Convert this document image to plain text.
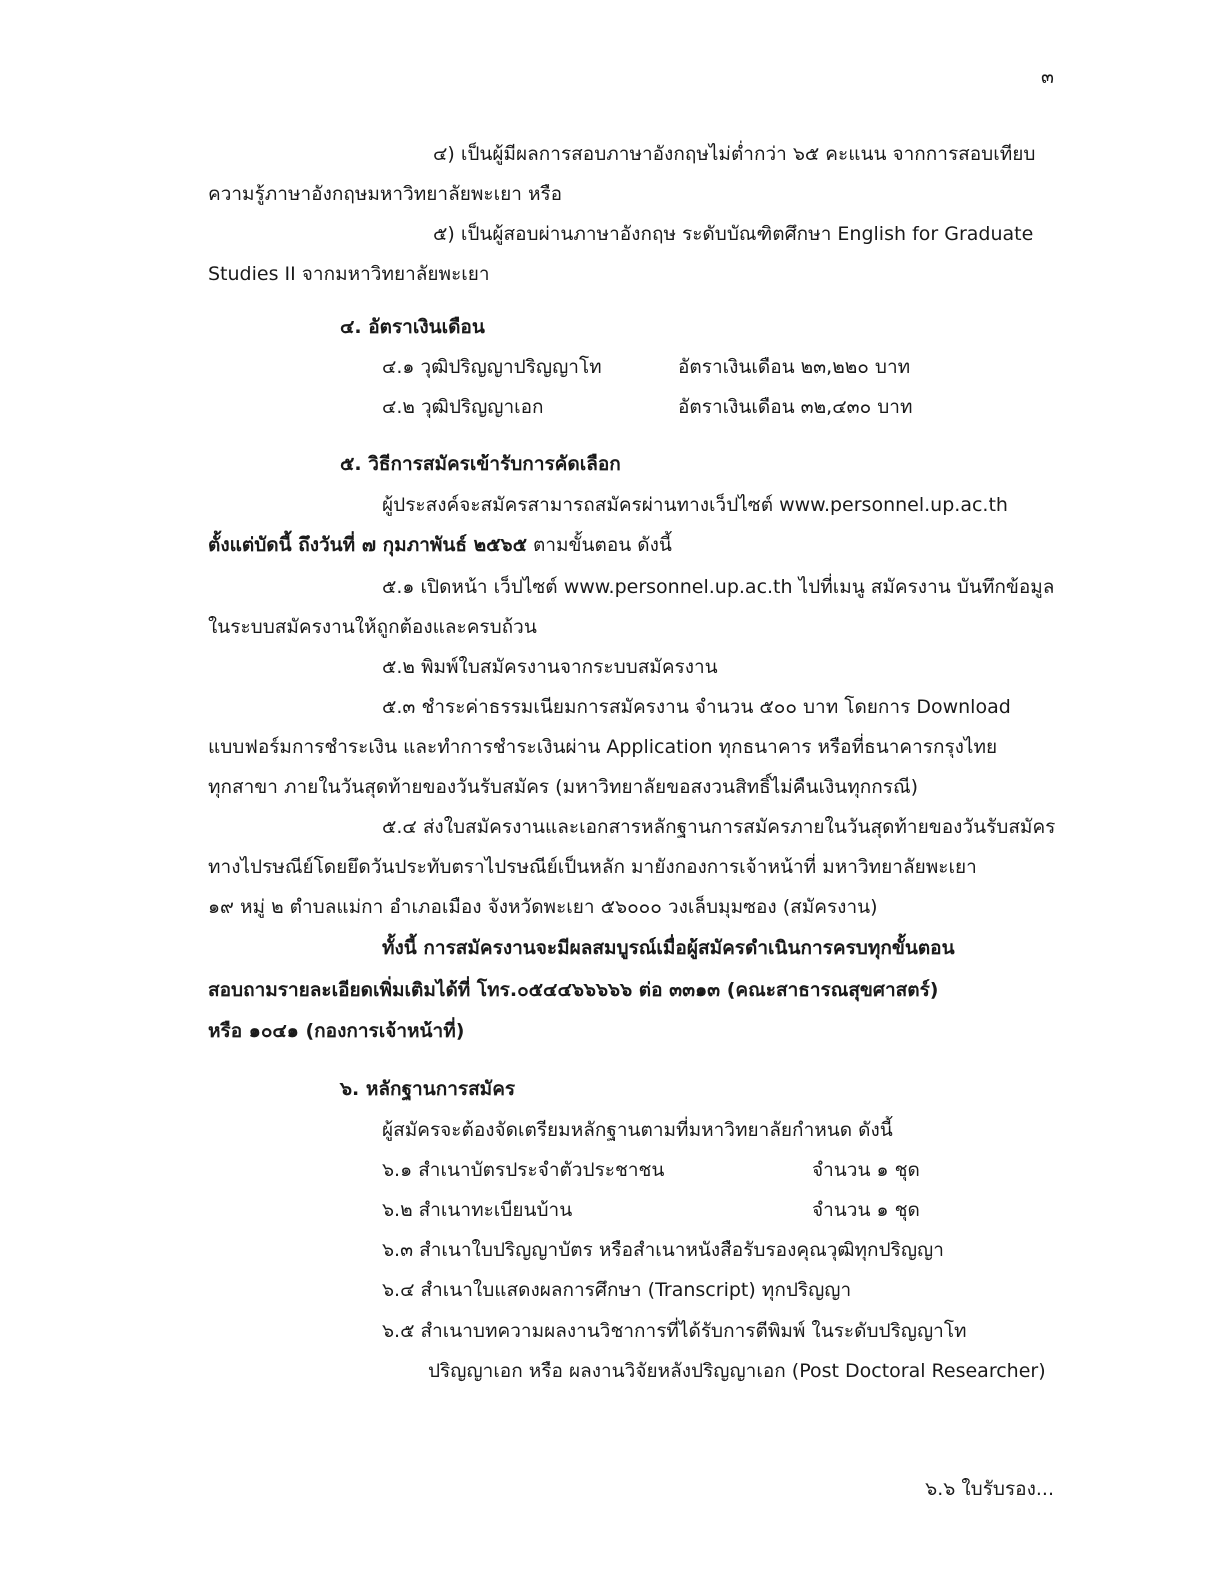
๓
๔) เป็นผู้มีผลการสอบภาษาอังกฤษไม่ต่ำกว่า ๖๕ คะแนน จากการสอบเทียบ
ความรู้ภาษาอังกฤษมหาวิทยาลัยพะเยา หรือ
๕) เป็นผู้สอบผ่านภาษาอังกฤษ ระดับบัณฑิตศึกษา English for Graduate
Studies II จากมหาวิทยาลัยพะเยา
๔. อัตราเงินเดือน
๔.๑ วุฒิปริญญาปริญญาโท	อัตราเงินเดือน ๒๓,๒๒๐ บาท
๔.๒ วุฒิปริญญาเอก	อัตราเงินเดือน ๓๒,๔๓๐ บาท
๕. วิธีการสมัครเข้ารับการคัดเลือก
ผู้ประสงค์จะสมัครสามารถสมัครผ่านทางเว็ปไซต์ www.personnel.up.ac.th
ตั้งแต่บัดนี้ ถึงวันที่ ๗ กุมภาพันธ์ ๒๕๖๕ ตามขั้นตอน ดังนี้
๕.๑ เปิดหน้า เว็ปไซต์ www.personnel.up.ac.th ไปที่เมนู สมัครงาน บันทึกข้อมูล
ในระบบสมัครงานให้ถูกต้องและครบถ้วน
๕.๒ พิมพ์ใบสมัครงานจากระบบสมัครงาน
๕.๓ ชำระค่าธรรมเนียมการสมัครงาน จำนวน ๕๐๐ บาท โดยการ Download
แบบฟอร์มการชำระเงิน และทำการชำระเงินผ่าน Application ทุกธนาคาร หรือที่ธนาคารกรุงไทย
ทุกสาขา ภายในวันสุดท้ายของวันรับสมัคร (มหาวิทยาลัยขอสงวนสิทธิ์ไม่คืนเงินทุกกรณี)
๕.๔ ส่งใบสมัครงานและเอกสารหลักฐานการสมัครภายในวันสุดท้ายของวันรับสมัคร
ทางไปรษณีย์โดยยึดวันประทับตราไปรษณีย์เป็นหลัก มายังกองการเจ้าหน้าที่ มหาวิทยาลัยพะเยา
๑๙ หมู่ ๒ ตำบลแม่กา อำเภอเมือง จังหวัดพะเยา ๕๖๐๐๐ วงเล็บมุมซอง (สมัครงาน)
ทั้งนี้ การสมัครงานจะมีผลสมบูรณ์เมื่อผู้สมัครดำเนินการครบทุกขั้นตอน
สอบถามรายละเอียดเพิ่มเติมได้ที่ โทร.๐๕๔๔๖๖๖๖๖ ต่อ ๓๓๑๓ (คณะสาธารณสุขศาสตร์)
หรือ ๑๐๔๑ (กองการเจ้าหน้าที่)
๖. หลักฐานการสมัคร
ผู้สมัครจะต้องจัดเตรียมหลักฐานตามที่มหาวิทยาลัยกำหนด ดังนี้
๖.๑ สำเนาบัตรประจำตัวประชาชน	จำนวน ๑ ชุด
๖.๒ สำเนาทะเบียนบ้าน	จำนวน ๑ ชุด
๖.๓ สำเนาใบปริญญาบัตร หรือสำเนาหนังสือรับรองคุณวุฒิทุกปริญญา
๖.๔ สำเนาใบแสดงผลการศึกษา (Transcript) ทุกปริญญา
๖.๕ สำเนาบทความผลงานวิชาการที่ได้รับการตีพิมพ์ ในระดับปริญญาโท
ปริญญาเอก หรือ ผลงานวิจัยหลังปริญญาเอก (Post Doctoral Researcher)
๖.๖ ใบรับรอง...
